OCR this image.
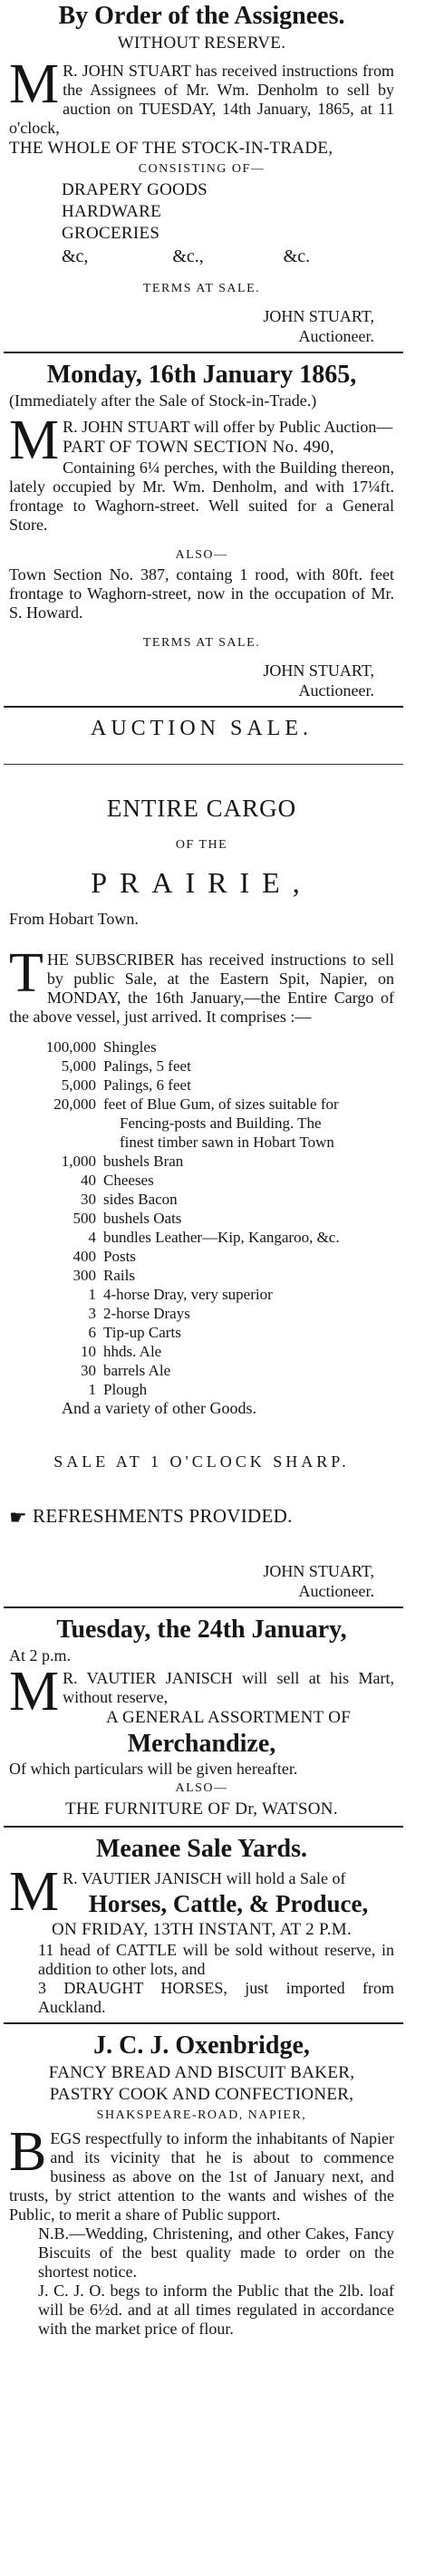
By Order of the Assignees.
WITHOUT RESERVE.
M R. JOHN STUART has received instructions from the Assignees of Mr. Wm. Denholm to sell by auction on TUESDAY, 14th January, 1865, at 11 o'clock,
THE WHOLE OF THE STOCK-IN-TRADE,
CONSISTING OF—
DRAPERY GOODS
HARDWARE
GROCERIES
&c,	&c.,	&c.
TERMS AT SALE.
JOHN STUART,
Auctioneer.
Monday, 16th January 1865,
(Immediately after the Sale of Stock-in-Trade.)
M R. JOHN STUART will offer by Public Auction—
PART OF TOWN SECTION No. 490,
Containing 6¼ perches, with the Building thereon, lately occupied by Mr. Wm. Denholm, and with 17¼ft. frontage to Waghorn-street. Well suited for a General Store.
ALSO—
Town Section No. 387, containg 1 rood, with 80ft. feet frontage to Waghorn-street, now in the occupation of Mr. S. Howard.
TERMS AT SALE.
JOHN STUART,
Auctioneer.
AUCTION SALE.
ENTIRE CARGO
OF THE
PRAIRIE,
From Hobart Town.
THE SUBSCRIBER has received instructions to sell by public Sale, at the Eastern Spit, Napier, on MONDAY, the 16th January,—the Entire Cargo of the above vessel, just arrived. It comprises :—
100,000 Shingles
5,000 Palings, 5 feet
5,000 Palings, 6 feet
20,000 feet of Blue Gum, of sizes suitable for
Fencing-posts and Building. The
finest timber sawn in Hobart Town
1,000 bushels Bran
40 Cheeses
30 sides Bacon
500 bushels Oats
4 bundles Leather—Kip, Kangaroo, &c.
400 Posts
300 Rails
1 4-horse Dray, very superior
3 2-horse Drays
6 Tip-up Carts
10 hhds. Ale
30 barrels Ale
1 Plough
And a variety of other Goods.
SALE AT 1 O'CLOCK SHARP.
☛ REFRESHMENTS PROVIDED.
JOHN STUART,
Auctioneer.
Tuesday, the 24th January,
At 2 p.m.
M R. VAUTIER JANISCH will sell at his Mart, without reserve,
A GENERAL ASSORTMENT OF
Merchandize,
Of which particulars will be given hereafter.
ALSO—
THE FURNITURE OF Dr, WATSON.
Meanee Sale Yards.
M R. VAUTIER JANISCH will hold a Sale of
Horses, Cattle, & Produce,
ON FRIDAY, 13TH INSTANT, AT 2 P.M.
11 head of CATTLE will be sold without reserve, in addition to other lots, and
3 DRAUGHT HORSES, just imported from Auckland.
J. C. J. Oxenbridge,
FANCY BREAD AND BISCUIT BAKER,
PASTRY COOK AND CONFECTIONER,
SHAKSPEARE-ROAD, NAPIER,
BEGS respectfully to inform the inhabitants of Napier and its vicinity that he is about to commence business as above on the 1st of January next, and trusts, by strict attention to the wants and wishes of the Public, to merit a share of Public support.
N.B.—Wedding, Christening, and other Cakes, Fancy Biscuits of the best quality made to order on the shortest notice.
J. C. J. O. begs to inform the Public that the 2lb. loaf will be 6½d. and at all times regulated in accordance with the market price of flour.
